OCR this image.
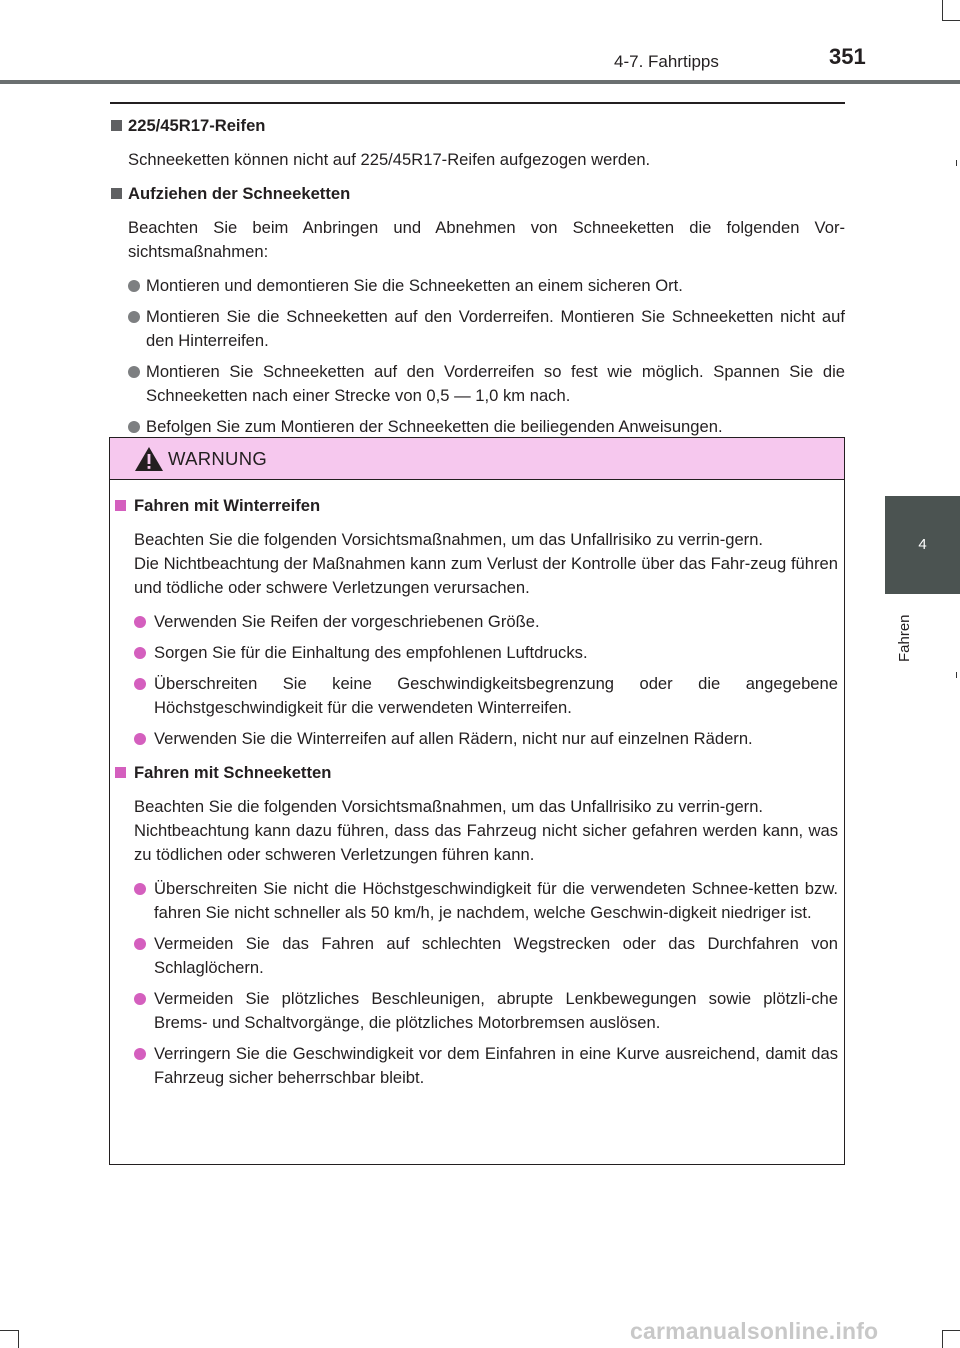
4-7. Fahrtipps	351
4
Fahren
225/45R17-Reifen
Schneeketten können nicht auf 225/45R17-Reifen aufgezogen werden.
Aufziehen der Schneeketten
Beachten Sie beim Anbringen und Abnehmen von Schneeketten die folgenden Vor-sichtsmaßnahmen:
Montieren und demontieren Sie die Schneeketten an einem sicheren Ort.
Montieren Sie die Schneeketten auf den Vorderreifen. Montieren Sie Schneeketten nicht auf den Hinterreifen.
Montieren Sie Schneeketten auf den Vorderreifen so fest wie möglich. Spannen Sie die Schneeketten nach einer Strecke von 0,5 — 1,0 km nach.
Befolgen Sie zum Montieren der Schneeketten die beiliegenden Anweisungen.
WARNUNG
Fahren mit Winterreifen
Beachten Sie die folgenden Vorsichtsmaßnahmen, um das Unfallrisiko zu verrin-gern.
Die Nichtbeachtung der Maßnahmen kann zum Verlust der Kontrolle über das Fahr-zeug führen und tödliche oder schwere Verletzungen verursachen.
Verwenden Sie Reifen der vorgeschriebenen Größe.
Sorgen Sie für die Einhaltung des empfohlenen Luftdrucks.
Überschreiten Sie keine Geschwindigkeitsbegrenzung oder die angegebene Höchstgeschwindigkeit für die verwendeten Winterreifen.
Verwenden Sie die Winterreifen auf allen Rädern, nicht nur auf einzelnen Rädern.
Fahren mit Schneeketten
Beachten Sie die folgenden Vorsichtsmaßnahmen, um das Unfallrisiko zu verrin-gern.
Nichtbeachtung kann dazu führen, dass das Fahrzeug nicht sicher gefahren werden kann, was zu tödlichen oder schweren Verletzungen führen kann.
Überschreiten Sie nicht die Höchstgeschwindigkeit für die verwendeten Schnee-ketten bzw. fahren Sie nicht schneller als 50 km/h, je nachdem, welche Geschwin-digkeit niedriger ist.
Vermeiden Sie das Fahren auf schlechten Wegstrecken oder das Durchfahren von Schlaglöchern.
Vermeiden Sie plötzliches Beschleunigen, abrupte Lenkbewegungen sowie plötzli-che Brems- und Schaltvorgänge, die plötzliches Motorbremsen auslösen.
Verringern Sie die Geschwindigkeit vor dem Einfahren in eine Kurve ausreichend, damit das Fahrzeug sicher beherrschbar bleibt.
carmanualsonline.info
